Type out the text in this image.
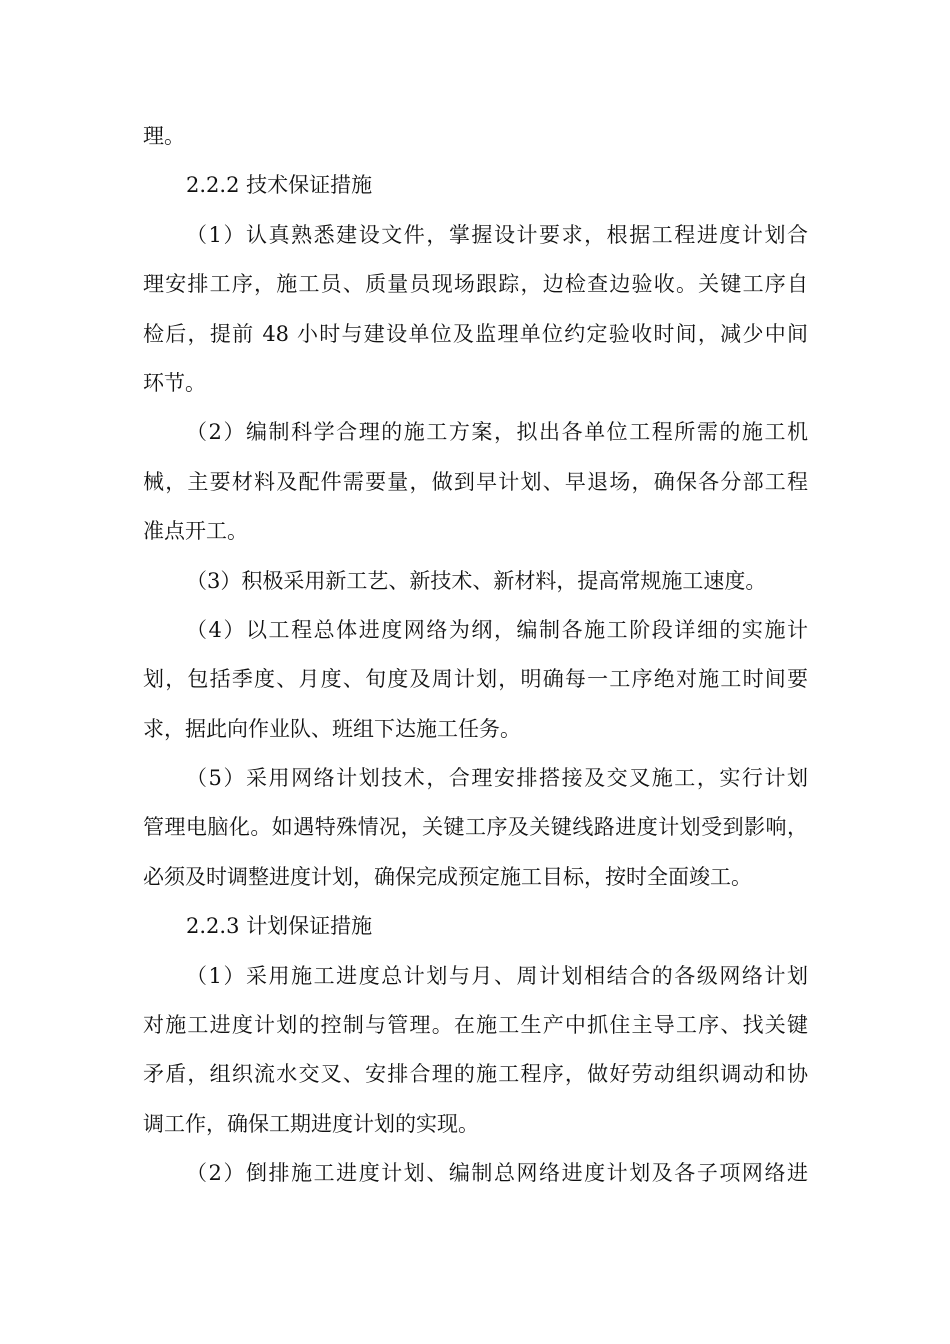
理。
2.2.2 技术保证措施
（1）认真熟悉建设文件，掌握设计要求，根据工程进度计划合
理安排工序，施工员、质量员现场跟踪，边检查边验收。关键工序自
检后，提前 48 小时与建设单位及监理单位约定验收时间，减少中间
环节。
（2）编制科学合理的施工方案，拟出各单位工程所需的施工机
械，主要材料及配件需要量，做到早计划、早退场，确保各分部工程
准点开工。
（3）积极采用新工艺、新技术、新材料，提高常规施工速度。
（4）以工程总体进度网络为纲，编制各施工阶段详细的实施计
划，包括季度、月度、旬度及周计划，明确每一工序绝对施工时间要
求，据此向作业队、班组下达施工任务。
（5）采用网络计划技术，合理安排搭接及交叉施工，实行计划
管理电脑化。如遇特殊情况，关键工序及关键线路进度计划受到影响，
必须及时调整进度计划，确保完成预定施工目标，按时全面竣工。
2.2.3 计划保证措施
（1）采用施工进度总计划与月、周计划相结合的各级网络计划
对施工进度计划的控制与管理。在施工生产中抓住主导工序、找关键
矛盾，组织流水交叉、安排合理的施工程序，做好劳动组织调动和协
调工作，确保工期进度计划的实现。
（2）倒排施工进度计划、编制总网络进度计划及各子项网络进
